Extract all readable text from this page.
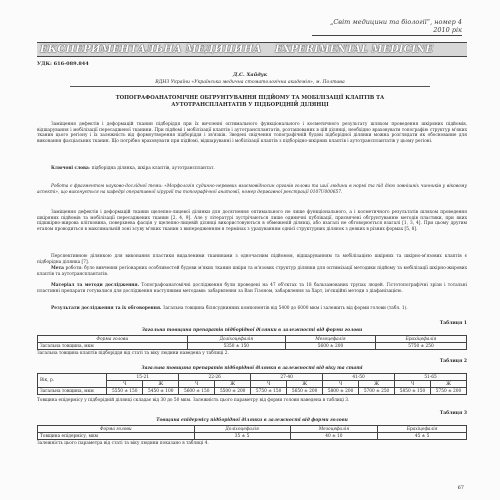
„Світ медицини та біології“, номер 4 2010 рік
ЕКСПЕРИМЕНТАЛЬНА МЕДИЦИНА EXPERIMENTAL MEDICINE
УДК: 616-089.844
Д.С. Хайдук
ВДНЗ України «Українська медична стоматологічна академія», м. Полтава
ТОПОГРАФОАНАТОМІЧНЕ ОБГРУНТУВАННЯ ПІДЙОМУ ТА МОБІЛІЗАЦІЇ КЛАПТІВ ТА
АУТОТРАНСПЛАНТАТІВ У ПІДБОРІДНІЙ ДІЛЯНЦІ
Заміщення дефектів і деформацій тканин підборіддя при їх вичленні оптимального функціонального і косметичного результату шляхом проведення шкіряних підйомів, відшарування і мобілізації пересадженої тканини. При підйомі і мобілізації клаптів і аутотрансплантатів, розташованих в цій ділянці, необхідно враховувати топографію структур м'яких тканин цього регіону і їх залежність від формоутворення підборіддя і зв'язків. Зведені свідчення топографічній будові підборідної ділянки можна розглядати як обоснование для виконання фасціальних тканин. Що потрібно враховувати при підйомі, відшаруванні і мобілізації клаптів з підборідно-шкірних клаптів і аутотрансплантатів у цьому регіоні.
Ключові слова: підборідна ділянка, шкіра клаптів, аутотрансплантат.
Робота є фрагментом науково-дослідної теми: «Морфологія судинно-нервових взаємовідносин органів голови та шиї людини в нормі та під дією зовнішніх чинників у віковому аспекті», що виконується на кафедрі оперативної хірургії та топографічної анатомії, номер державної реєстрації 0107U000657.
Заміщення дефектів і деформацій тканин щелепно-лицевої ділянки для досягнення оптимального не лише функціонального, а і косметичного результатів шляхом проведення шкіряних підйомів та мобілізації пересаджених тканин [2, 4, 9]. Але у літературі зустрічаються лише одиничні публікації, присвячені обґрунтуванню методів пластики, при яких підшкірно-жирова клітковина, поверхнева фасція у щелепно-лицевій ділянці використовуються в обмеженій ділянці, або взагалі не обговорюється взагалі [1, 3, 4]. При цьому другим етапом проводиться в максимальній зоні зсуву м'яких тканин з випередженням в термінах з урахуванням однієї структурних ділянок з деяких в різних формах [5, 8].
Перспективною ділянкою для виконання пластики видаленими тканинами з одночасним підйомом, відшаруванням та мобілізацією шкірних та шкірно-м'язових клаптів є підборідна ділянка [7].
Мета роботи: було вивчення регіонарних особливостей будови м'яких тканин шкіри та м'язових структур ділянки для оптимізації методики підйому та мобілізації шкірно-жирових клаптів та аутотрансплантатів.
Матеріал та методи дослідження. Топографоанатомічні дослідження були проведені на 47 об'єктах та 18 бальзамованих трупах людей. Гістотопографічні зрізи і тотальні пластинні препарати готувалися для дослідження наступними методами: забарвлення за Ван Гізоном, забарвлення за Харт, ін'єкційні методи з діафанізацією.
Результати дослідження та їх обговорення. Загальна товщина білясуднинних компонентів від 5400 до 6000 мкм і залежить від форми голови (табл. 1).
Таблиця 1
Загальна товщина препаратів підборідної ділянки в залежності від форми голови
Форма голови	Доліхоцефалія	Мезоцефалія	Брахіцефалія
Загальна товщина, мкм	5350 ± 150	5600 ± 200	5750 ± 250
Загальна товщина клаптів підборіддя від статі та віку людини наведена у таблиці 2.
Таблиця 2
Загальна товщина препаратів підборідної ділянки в залежності від віку та статі
Вік, р.	15-21		22-26		27-40		41-50		51-65	
	Ч	Ж	Ч	Ж	Ч	Ж	Ч	Ж	Ч	Ж
Загальна товщина, мкм	5550 ± 150	5450 ± 100	5600 ± 150	5500 ± 200	5750 ± 150	5650 ± 200	5800 ± 200	5700 ± 250	5850 ± 150	5750 ± 200
Товщина епідермісу у підборідній ділянці складає від 30 до 50 мкм. Залежність цього параметру від форми голови наведена в таблиці 3.
Таблиця 3
Товщина епідермісу підборідної ділянки в залежності від форми голови
Форма голови	Доліхоцефалія	Мезоцефалія	Брахіцефалія
Товщина епідермісу, мкм	35 ± 5	40 ± 10	45 ± 5
Залежність цього параметра від статі та віку людини показано в таблиці 4.
67
